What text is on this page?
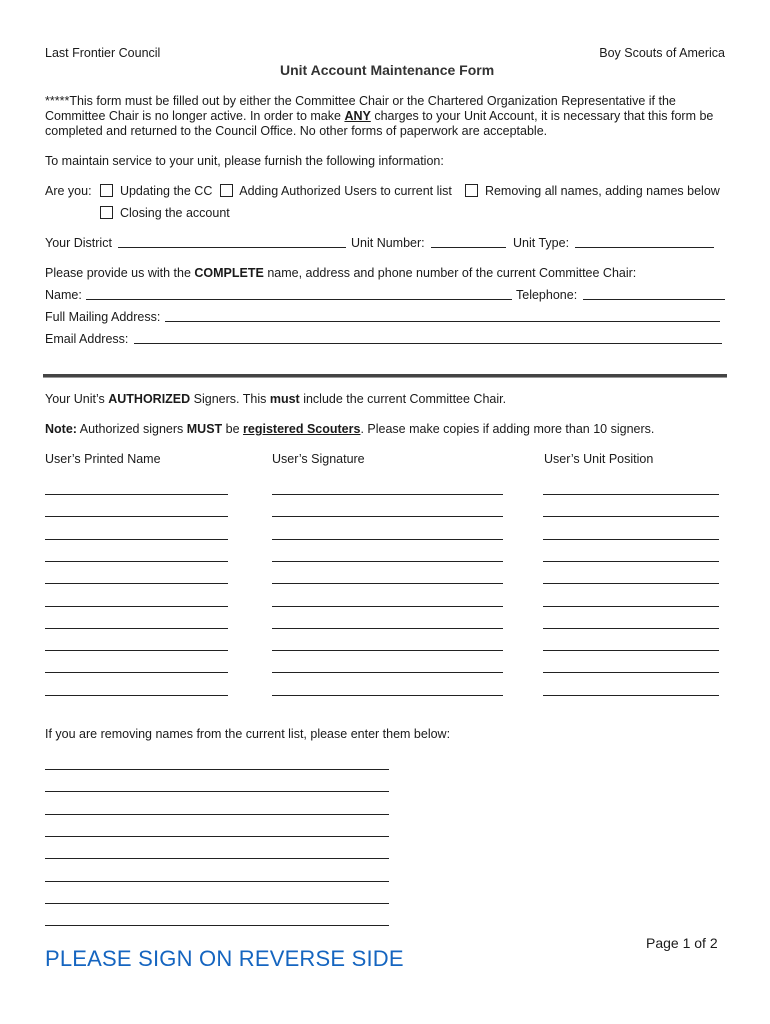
Last Frontier Council	Boy Scouts of America
Unit Account Maintenance Form
*****This form must be filled out by either the Committee Chair or the Chartered Organization Representative if the Committee Chair is no longer active. In order to make ANY charges to your Unit Account, it is necessary that this form be completed and returned to the Council Office. No other forms of paperwork are acceptable.
To maintain service to your unit, please furnish the following information:
Are you:	Updating the CC	Adding Authorized Users to current list	Removing all names, adding names below
Closing the account
Your District	Unit Number:	Unit Type:
Please provide us with the COMPLETE name, address and phone number of the current Committee Chair:
Name:	Telephone:
Full Mailing Address:
Email Address:
Your Unit’s AUTHORIZED Signers. This must include the current Committee Chair.
Note: Authorized signers MUST be registered Scouters. Please make copies if adding more than 10 signers.
User’s Printed Name	User’s Signature	User’s Unit Position
If you are removing names from the current list, please enter them below:
Page 1 of 2
PLEASE SIGN ON REVERSE SIDE
